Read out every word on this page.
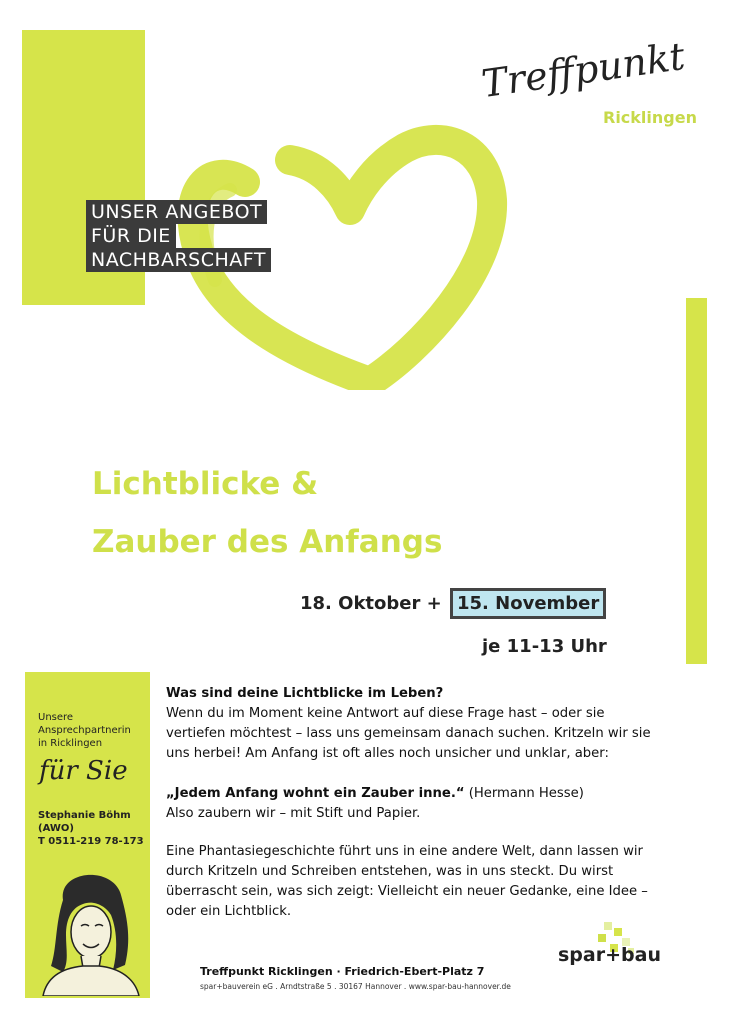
UNSER ANGEBOT
FÜR DIE
NACHBARSCHAFT
Treffpunkt
Ricklingen
Lichtblicke &
Zauber des Anfangs
18. Oktober + 15. November
je 11-13 Uhr
Unsere
Ansprechpartnerin
in Ricklingen
für Sie
Stephanie Böhm
(AWO)
T 0511-219 78-173
Was sind deine Lichtblicke im Leben?
Wenn du im Moment keine Antwort auf diese Frage hast – oder sie vertiefen möchtest – lass uns gemeinsam danach suchen. Kritzeln wir sie uns herbei! Am Anfang ist oft alles noch unsicher und unklar, aber:
„Jedem Anfang wohnt ein Zauber inne.“ (Hermann Hesse)
Also zaubern wir – mit Stift und Papier.
Eine Phantasiegeschichte führt uns in eine andere Welt, dann lassen wir durch Kritzeln und Schreiben entstehen, was in uns steckt. Du wirst überrascht sein, was sich zeigt: Vielleicht ein neuer Gedanke, eine Idee – oder ein Lichtblick.
Treffpunkt Ricklingen · Friedrich-Ebert-Platz 7
spar+bauverein eG . Arndtstraße 5 . 30167 Hannover . www.spar-bau-hannover.de
spar+bau
